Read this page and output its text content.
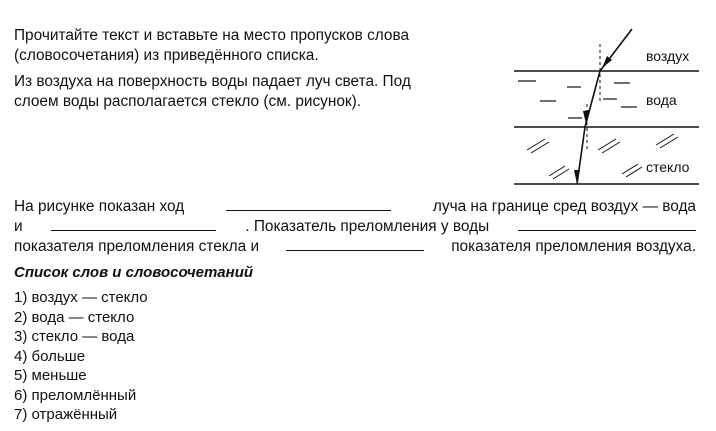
Прочитайте текст и вставьте на место пропусков слова
(словосочетания) из приведённого списка.
Из воздуха на поверхность воды падает луч света. Под
слоем воды располагается стекло (см. рисунок).
воздух
вода
стекло
На рисунке показан ход	луча на границе сред воздух — вода
и	. Показатель преломления у воды
показателя преломления стекла и	показателя преломления воздуха.
Список слов и словосочетаний
1) воздух — стекло
2) вода — стекло
3) стекло — вода
4) больше
5) меньше
6) преломлённый
7) отражённый
